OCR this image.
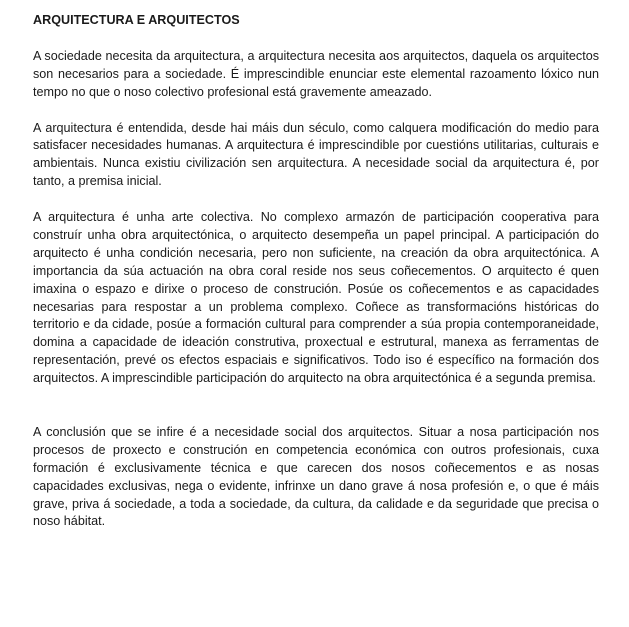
ARQUITECTURA E ARQUITECTOS

A sociedade necesita da arquitectura, a arquitectura necesita aos arquitectos, daquela os arquitectos son necesarios para a sociedade. É imprescindible enunciar este elemental razoamento lóxico nun tempo no que o noso colectivo profesional está gravemente ameazado.

A arquitectura é entendida, desde hai máis dun século, como calquera modificación do medio para satisfacer necesidades humanas. A arquitectura é imprescindible por cuestións utilitarias, culturais e ambientais. Nunca existiu civilización sen arquitectura. A necesidade social da arquitectura é, por tanto, a premisa inicial.

A arquitectura é unha arte colectiva. No complexo armazón de participación cooperativa para construír unha obra arquitectónica, o arquitecto desempeña un papel principal. A participación do arquitecto é unha condición necesaria, pero non suficiente, na creación da obra arquitectónica. A importancia da súa actuación na obra coral reside nos seus coñecementos. O arquitecto é quen imaxina o espazo e dirixe o proceso de construción. Posúe os coñecementos e as capacidades necesarias para respostar a un problema complexo. Coñece as transformacións históricas do territorio e da cidade, posúe a formación cultural para comprender a súa propia contemporaneidade, domina a capacidade de ideación construtiva, proxectual e estrutural, manexa as ferramentas de representación, prevé os efectos espaciais e significativos. Todo iso é específico na formación dos arquitectos. A imprescindible participación do arquitecto na obra arquitectónica é a segunda premisa.

A conclusión que se infire é a necesidade social dos arquitectos. Situar a nosa participación nos procesos de proxecto e construción en competencia económica con outros profesionais, cuxa formación é exclusivamente técnica e que carecen dos nosos coñecementos e as nosas capacidades exclusivas, nega o evidente, infrinxe un dano grave á nosa profesión e, o que é máis grave, priva á sociedade, a toda a sociedade, da cultura, da calidade e da seguridade que precisa o noso hábitat.
